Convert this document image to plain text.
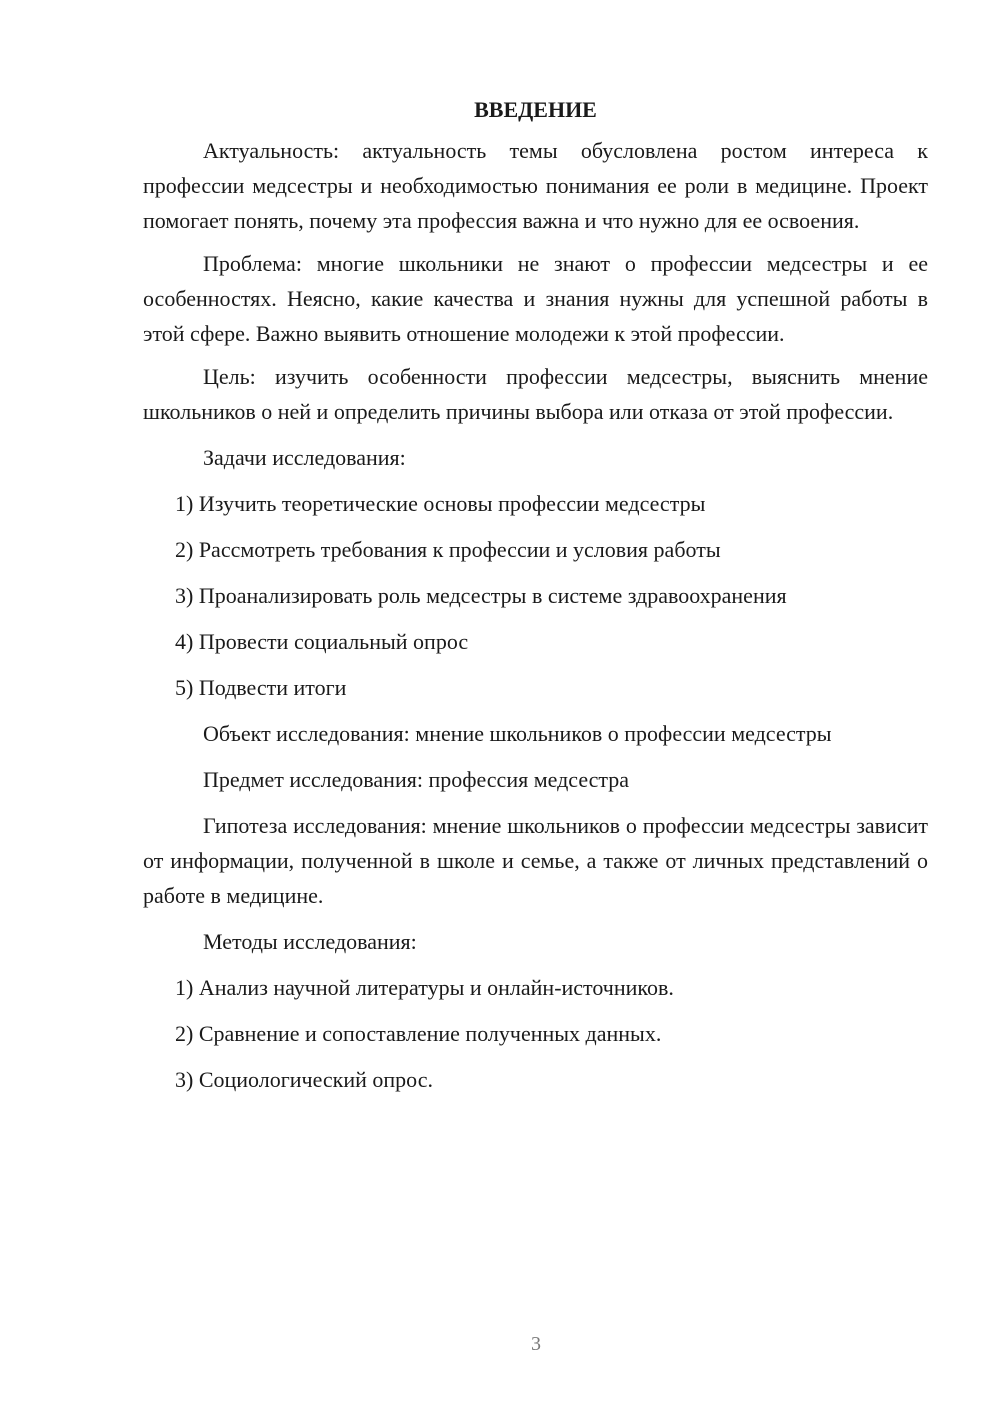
ВВЕДЕНИЕ

Актуальность: актуальность темы обусловлена ростом интереса к профессии медсестры и необходимостью понимания ее роли в медицине. Проект помогает понять, почему эта профессия важна и что нужно для ее освоения.

Проблема: многие школьники не знают о профессии медсестры и ее особенностях. Неясно, какие качества и знания нужны для успешной работы в этой сфере. Важно выявить отношение молодежи к этой профессии.

Цель: изучить особенности профессии медсестры, выяснить мнение школьников о ней и определить причины выбора или отказа от этой профессии.

Задачи исследования:

1) Изучить теоретические основы профессии медсестры

2) Рассмотреть требования к профессии и условия работы

3) Проанализировать роль медсестры в системе здравоохранения

4) Провести социальный опрос

5) Подвести итоги

Объект исследования: мнение школьников о профессии медсестры

Предмет исследования: профессия медсестра

Гипотеза исследования: мнение школьников о профессии медсестры зависит от информации, полученной в школе и семье, а также от личных представлений о работе в медицине.

Методы исследования:

1) Анализ научной литературы и онлайн-источников.

2) Сравнение и сопоставление полученных данных.

3) Социологический опрос.

3
